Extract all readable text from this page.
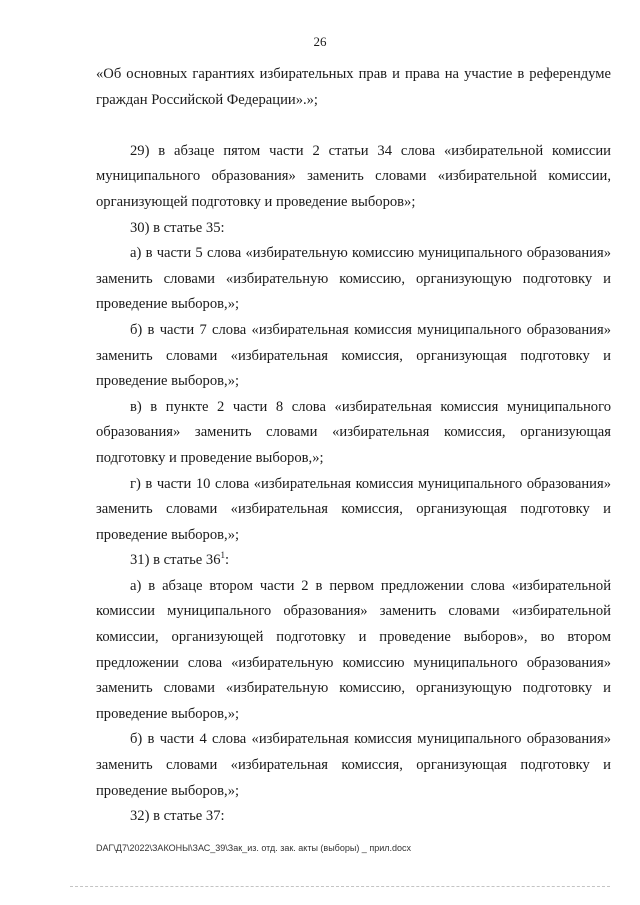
26

«Об основных гарантиях избирательных прав и права на участие в референдуме граждан Российской Федерации».»;

29) в абзаце пятом части 2 статьи 34 слова «избирательной комиссии муниципального образования» заменить словами «избирательной комиссии, организующей подготовку и проведение выборов»;

30) в статье 35:

а) в части 5 слова «избирательную комиссию муниципального образования» заменить словами «избирательную комиссию, организующую подготовку и проведение выборов,»;

б) в части 7 слова «избирательная комиссия муниципального образования» заменить словами «избирательная комиссия, организующая подготовку и проведение выборов,»;

в) в пункте 2 части 8 слова «избирательная комиссия муниципального образования» заменить словами «избирательная комиссия, организующая подготовку и проведение выборов,»;

г) в части 10 слова «избирательная комиссия муниципального образования» заменить словами «избирательная комиссия, организующая подготовку и проведение выборов,»;

31) в статье $36^1$:

а) в абзаце втором части 2 в первом предложении слова «избирательной комиссии муниципального образования» заменить словами «избирательной комиссии, организующей подготовку и проведение выборов», во втором предложении слова «избирательную комиссию муниципального образования» заменить словами «избирательную комиссию, организующую подготовку и проведение выборов,»;

б) в части 4 слова «избирательная комиссия муниципального образования» заменить словами «избирательная комиссия, организующая подготовку и проведение выборов,»;

32) в статье 37:

DAГ\Д7\2022\ЗАКОНЫ\ЗАС_39\Зак_из. отд. зак. акты (выборы) _ прил.docx
